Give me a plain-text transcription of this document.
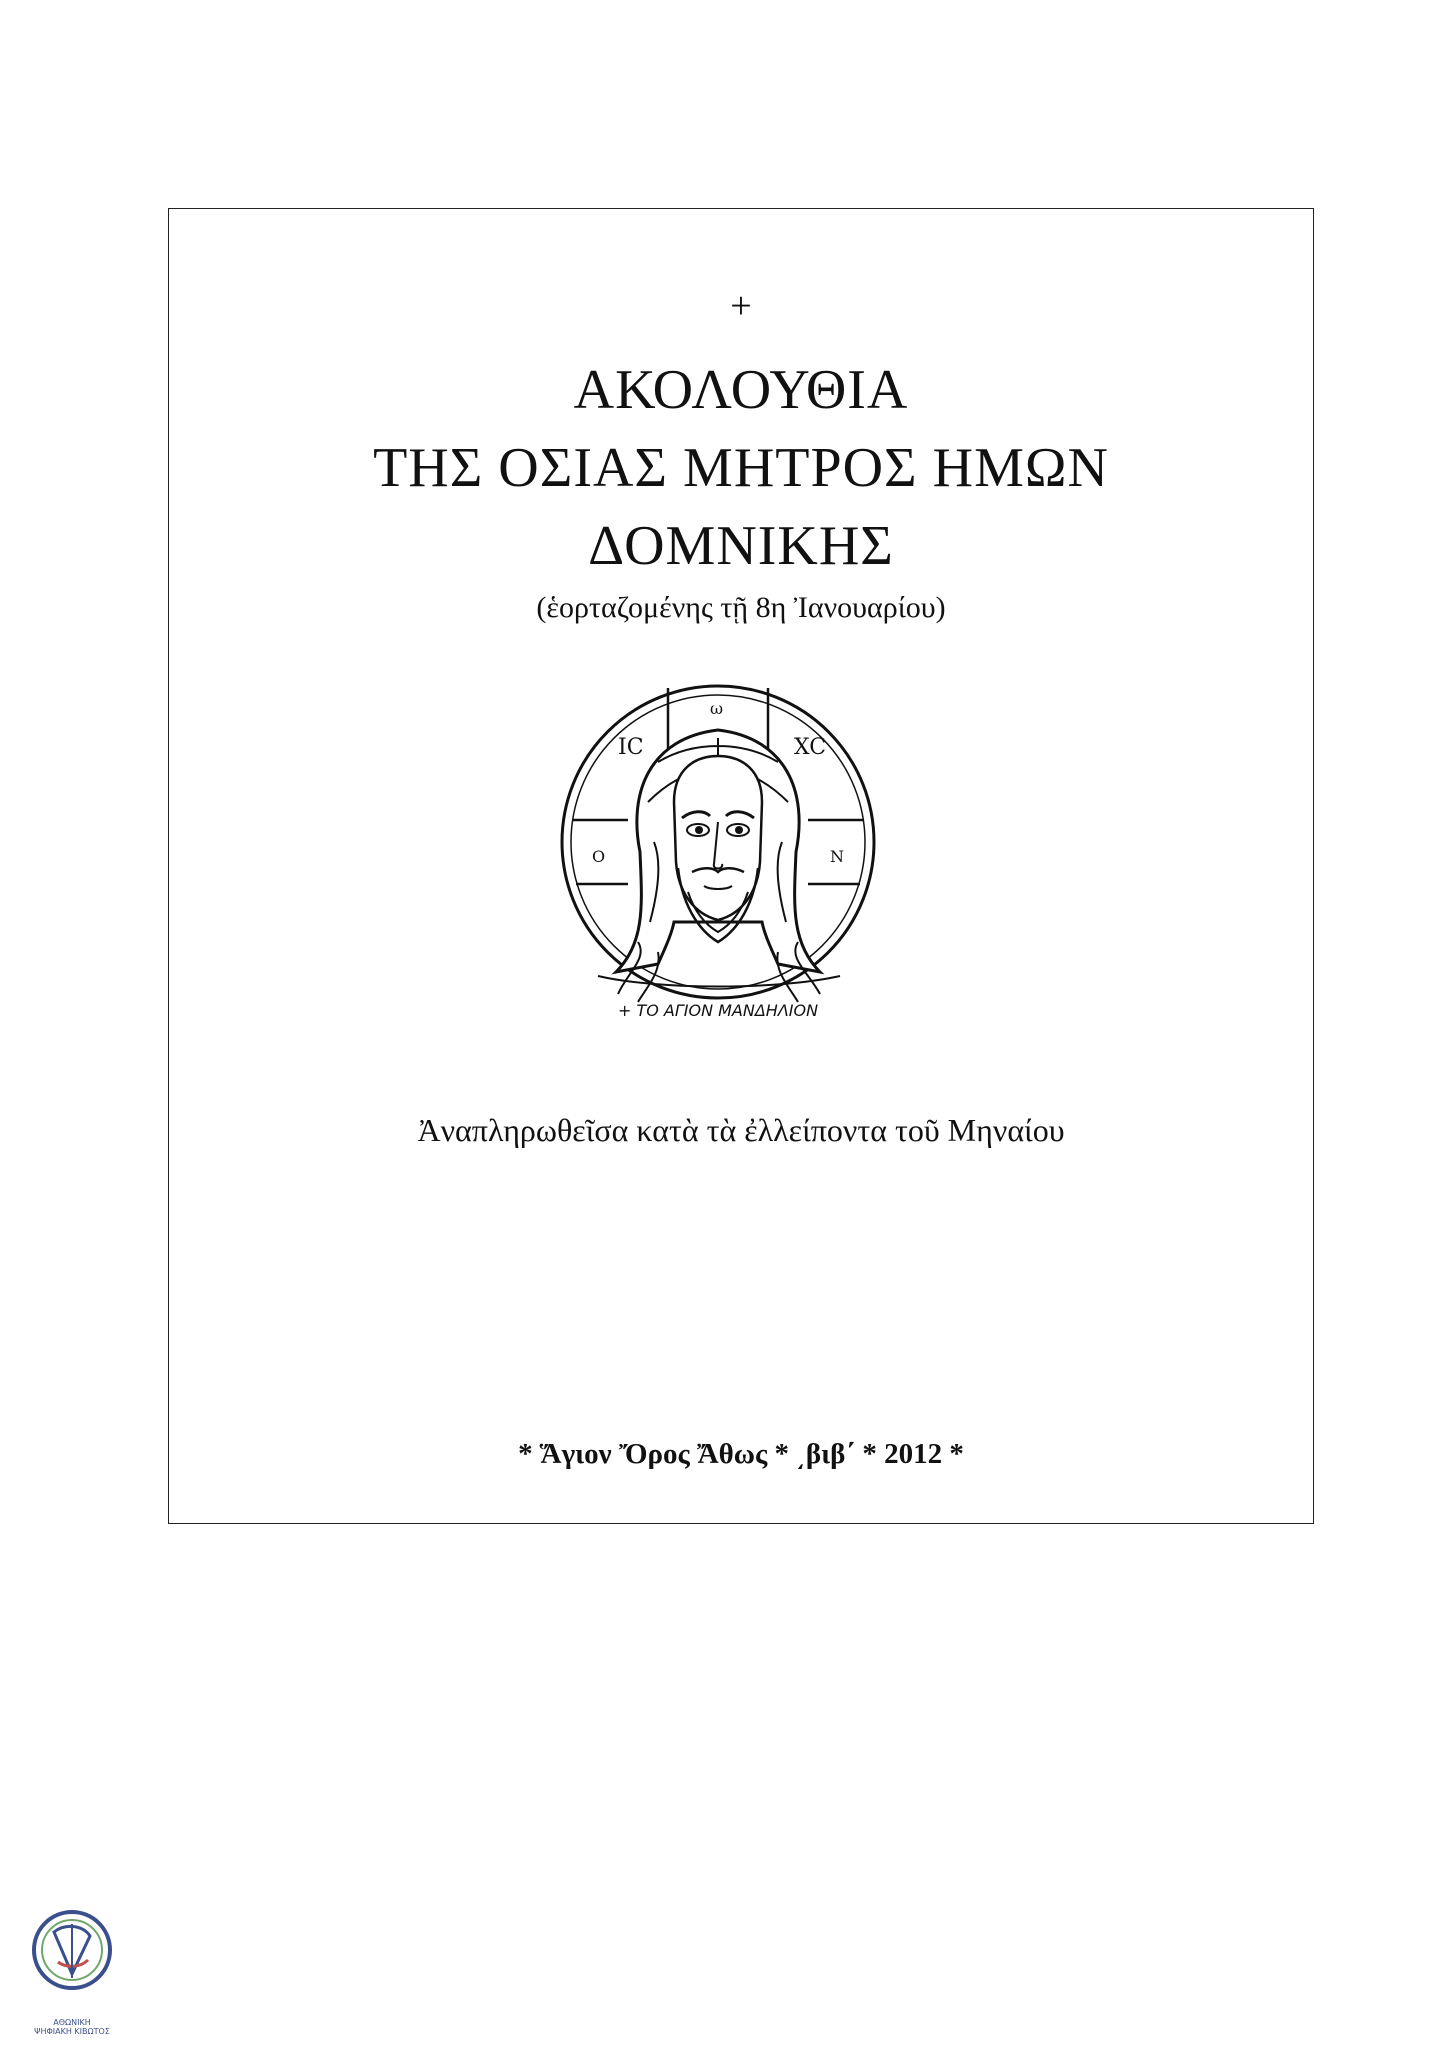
+
ΑΚΟΛΟΥΘΙΑ
ΤΗΣ ΟΣΙΑΣ ΜΗΤΡΟΣ ΗΜΩΝ
ΔΟΜΝΙΚΗΣ
(ἑορταζομένης τῇ 8η Ἰανουαρίου)
IC	XC
ω
Ο	Ν
+ ΤΟ ΑΓΙΟΝ ΜΑΝΔΗΛΙΟΝ
Ἀναπληρωθεῖσα κατὰ τὰ ἐλλείποντα τοῦ Μηναίου
* Ἅγιον Ὄρος Ἄθως * ͵βιβ΄ * 2012 *
ΑΘΩΝΙΚΗ
ΨΗΦΙΑΚΗ ΚΙΒΩΤΟΣ
